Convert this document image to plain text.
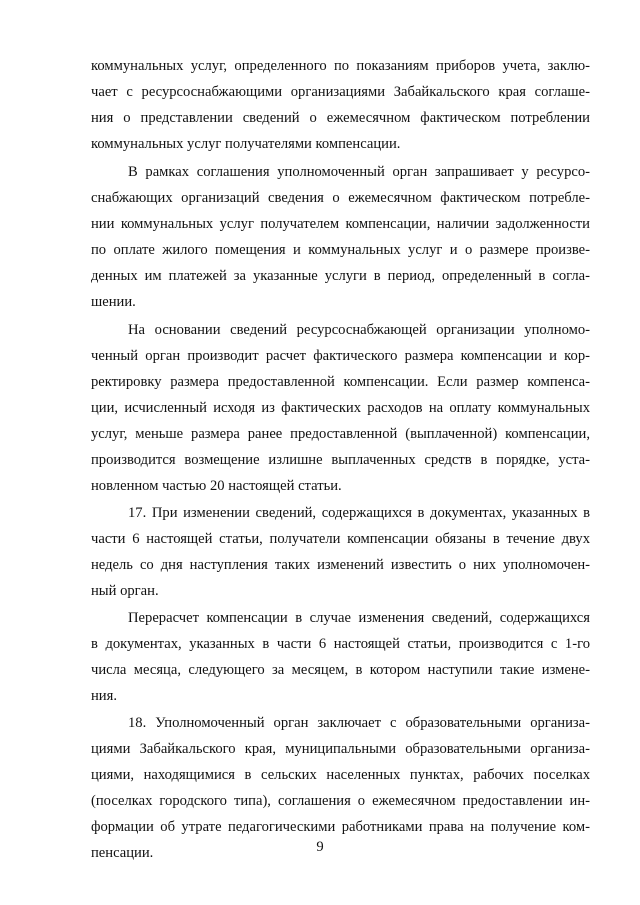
коммунальных услуг, определенного по показаниям приборов учета, заклю-
чает с ресурсоснабжающими организациями Забайкальского края соглаше-
ния о представлении сведений о ежемесячном фактическом потреблении
коммунальных услуг получателями компенсации.
В рамках соглашения уполномоченный орган запрашивает у ресурсо-
снабжающих организаций сведения о ежемесячном фактическом потребле-
нии коммунальных услуг получателем компенсации, наличии задолженности
по оплате жилого помещения и коммунальных услуг и о размере произве-
денных им платежей за указанные услуги в период, определенный в согла-
шении.
На основании сведений ресурсоснабжающей организации уполномо-
ченный орган производит расчет фактического размера компенсации и кор-
ректировку размера предоставленной компенсации. Если размер компенса-
ции, исчисленный исходя из фактических расходов на оплату коммунальных
услуг, меньше размера ранее предоставленной (выплаченной) компенсации,
производится возмещение излишне выплаченных средств в порядке, уста-
новленном частью 20 настоящей статьи.
17. При изменении сведений, содержащихся в документах, указанных в
части 6 настоящей статьи, получатели компенсации обязаны в течение двух
недель со дня наступления таких изменений известить о них уполномочен-
ный орган.
Перерасчет компенсации в случае изменения сведений, содержащихся
в документах, указанных в части 6 настоящей статьи, производится с 1-го
числа месяца, следующего за месяцем, в котором наступили такие измене-
ния.
18. Уполномоченный орган заключает с образовательными организа-
циями Забайкальского края, муниципальными образовательными организа-
циями, находящимися в сельских населенных пунктах, рабочих поселках
(поселках городского типа), соглашения о ежемесячном предоставлении ин-
формации об утрате педагогическими работниками права на получение ком-
пенсации.	9
